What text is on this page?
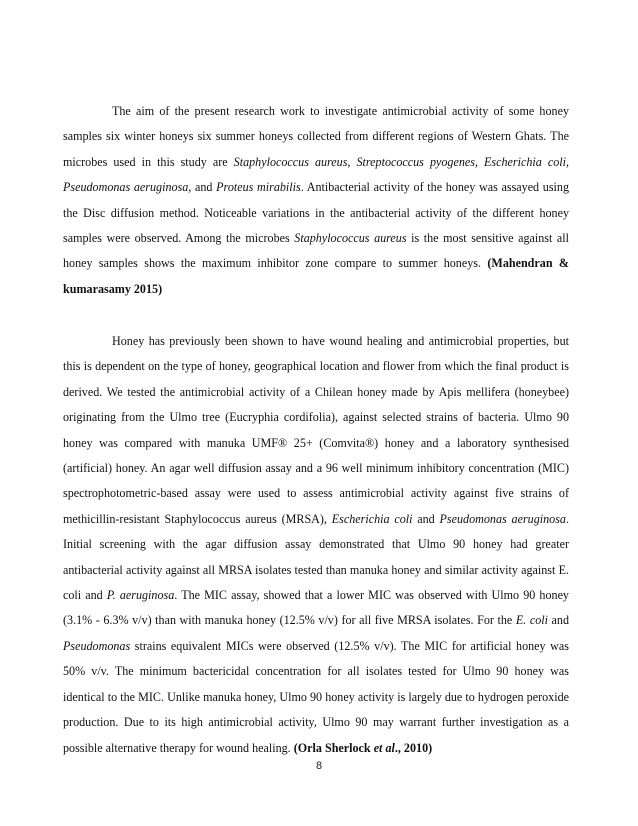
The aim of the present research work to investigate antimicrobial activity of some honey samples six winter honeys six summer honeys collected from different regions of Western Ghats. The microbes used in this study are Staphylococcus aureus, Streptococcus pyogenes, Escherichia coli, Pseudomonas aeruginosa, and Proteus mirabilis. Antibacterial activity of the honey was assayed using the Disc diffusion method. Noticeable variations in the antibacterial activity of the different honey samples were observed. Among the microbes Staphylococcus aureus is the most sensitive against all honey samples shows the maximum inhibitor zone compare to summer honeys. (Mahendran & kumarasamy 2015)

Honey has previously been shown to have wound healing and antimicrobial properties, but this is dependent on the type of honey, geographical location and flower from which the final product is derived. We tested the antimicrobial activity of a Chilean honey made by Apis mellifera (honeybee) originating from the Ulmo tree (Eucryphia cordifolia), against selected strains of bacteria. Ulmo 90 honey was compared with manuka UMF® 25+ (Comvita®) honey and a laboratory synthesised (artificial) honey. An agar well diffusion assay and a 96 well minimum inhibitory concentration (MIC) spectrophotometric-based assay were used to assess antimicrobial activity against five strains of methicillin-resistant Staphylococcus aureus (MRSA), Escherichia coli and Pseudomonas aeruginosa. Initial screening with the agar diffusion assay demonstrated that Ulmo 90 honey had greater antibacterial activity against all MRSA isolates tested than manuka honey and similar activity against E. coli and P. aeruginosa. The MIC assay, showed that a lower MIC was observed with Ulmo 90 honey (3.1% - 6.3% v/v) than with manuka honey (12.5% v/v) for all five MRSA isolates. For the E. coli and Pseudomonas strains equivalent MICs were observed (12.5% v/v). The MIC for artificial honey was 50% v/v. The minimum bactericidal concentration for all isolates tested for Ulmo 90 honey was identical to the MIC. Unlike manuka honey, Ulmo 90 honey activity is largely due to hydrogen peroxide production. Due to its high antimicrobial activity, Ulmo 90 may warrant further investigation as a possible alternative therapy for wound healing. (Orla Sherlock et al., 2010)

8
